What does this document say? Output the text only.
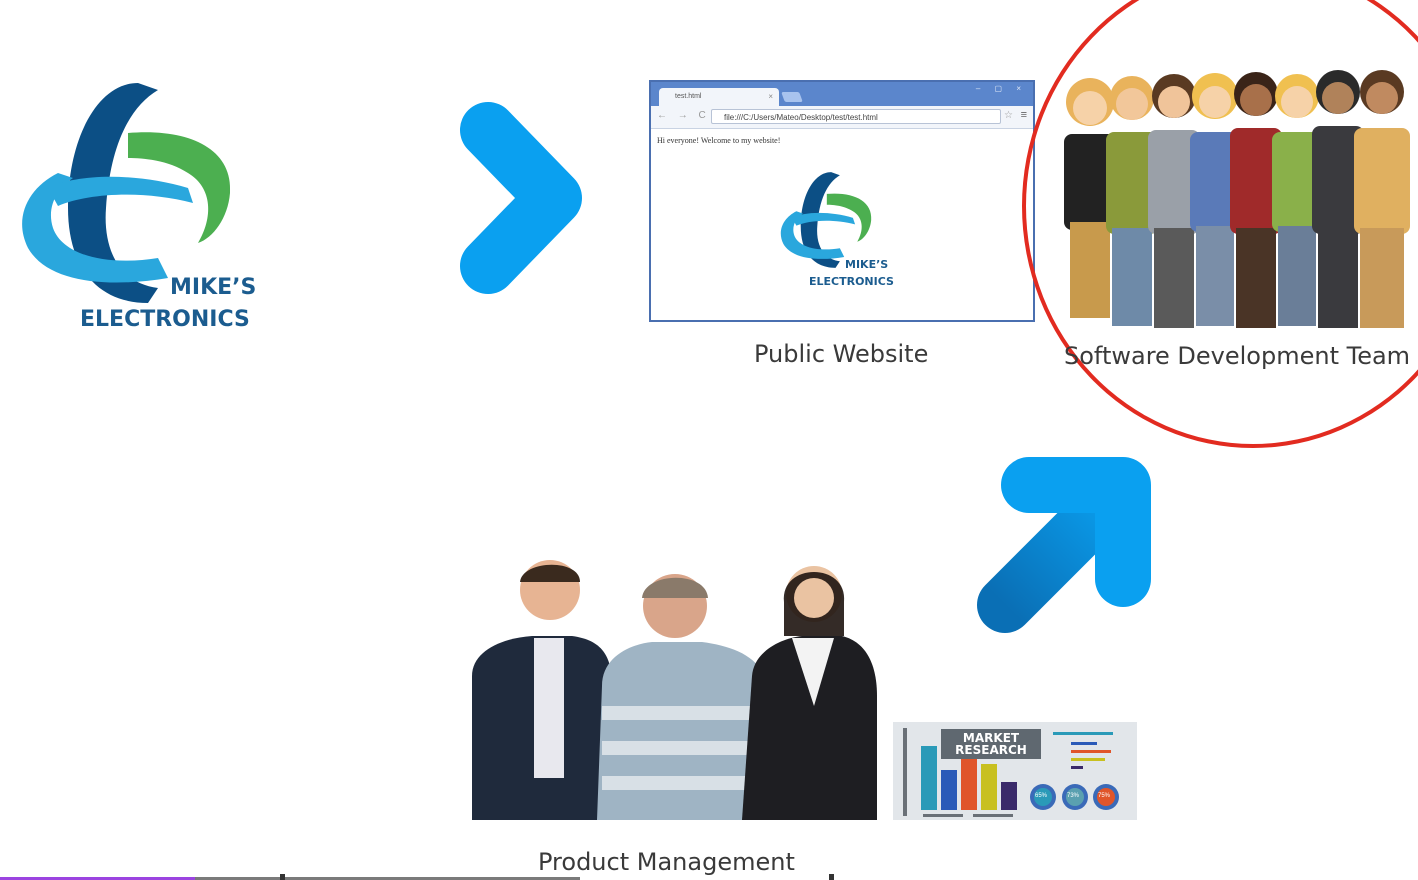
MIKE’S
ELECTRONICS
test.html	×
– ▢ ×
← → C	file:///C:/Users/Mateo/Desktop/test/test.html	☆ ≡
Hi everyone! Welcome to my website!
MIKE’S
ELECTRONICS
Public Website	Software Development Team
MARKET
RESEARCH
65%	73%	75%
Product Management
